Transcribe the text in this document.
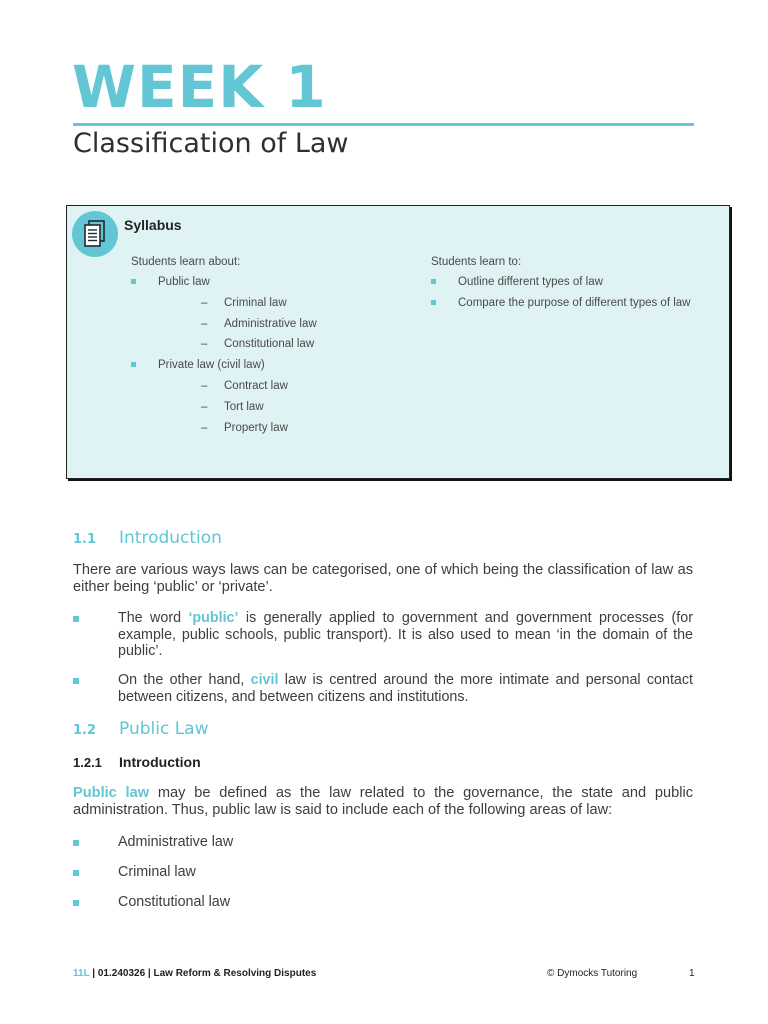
WEEK 1
Classification of Law
Syllabus
Students learn about:
Public law
– Criminal law
– Administrative law
– Constitutional law
Private law (civil law)
– Contract law
– Tort law
– Property law
Students learn to:
Outline different types of law
Compare the purpose of different types of law
1.1 Introduction

There are various ways laws can be categorised, one of which being the classification of law as either being ‘public’ or ‘private’.

The word ‘public’ is generally applied to government and government processes (for example, public schools, public transport). It is also used to mean ‘in the domain of the public’.
On the other hand, civil law is centred around the more intimate and personal contact between citizens, and between citizens and institutions.
1.2 Public Law
1.2.1 Introduction

Public law may be defined as the law related to the governance, the state and public administration. Thus, public law is said to include each of the following areas of law:

Administrative law
Criminal law
Constitutional law
11L | 01.240326 | Law Reform & Resolving Disputes	© Dymocks Tutoring	1
